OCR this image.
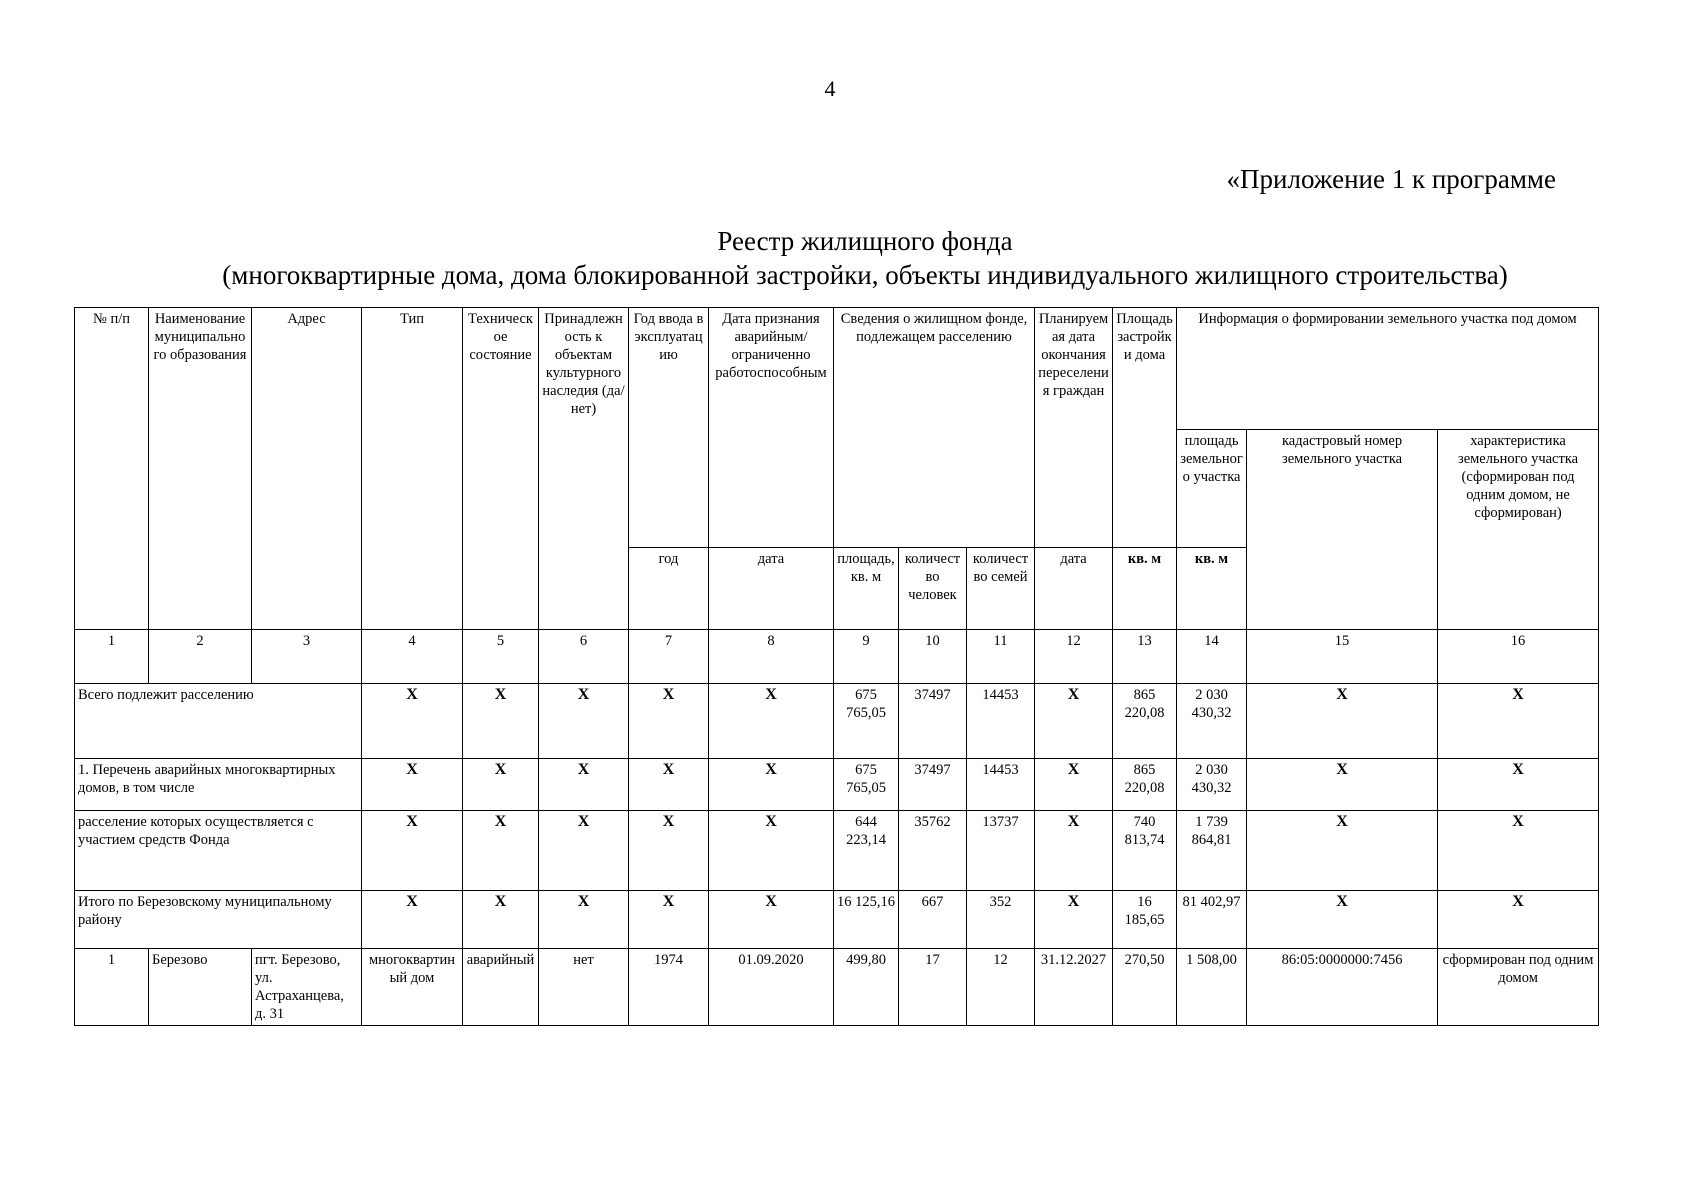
4
«Приложение 1 к программе
Реестр жилищного фонда
(многоквартирные дома, дома блокированной застройки, объекты индивидуального жилищного строительства)
№ п/п	Наименование муниципального образования	Адрес	Тип	Техническое состояние	Принадлежность к объектам культурного наследия (да/нет)	Год ввода в эксплуатацию	Дата признания аварийным/ограниченно работоспособным	Сведения о жилищном фонде, подлежащем расселению			Планируемая дата окончания переселения граждан	Площадь застройки дома	Информация о формировании земельного участка под домом		
													площадь земельного участка	кадастровый номер земельного участка	характеристика земельного участка (сформирован под одним домом, не сформирован)
						год	дата	площадь, кв. м	количество человек	количество семей	дата	кв. м	кв. м		
1	2	3	4	5	6	7	8	9	10	11	12	13	14	15	16
Всего подлежит расселению			X	X	X	X	X	675 765,05	37497	14453	X	865 220,08	2 030 430,32	X	X
1. Перечень аварийных многоквартирных домов, в том числе			X	X	X	X	X	675 765,05	37497	14453	X	865 220,08	2 030 430,32	X	X
расселение которых осуществляется с участием средств Фонда			X	X	X	X	X	644 223,14	35762	13737	X	740 813,74	1 739 864,81	X	X
Итого по Березовскому муниципальному району			X	X	X	X	X	16 125,16	667	352	X	16 185,65	81 402,97	X	X
1	Березово	пгт. Березово, ул. Астраханцева, д. 31	многоквартиный дом	аварийный	нет	1974	01.09.2020	499,80	17	12	31.12.2027	270,50	1 508,00	86:05:0000000:7456	сформирован под одним домом
